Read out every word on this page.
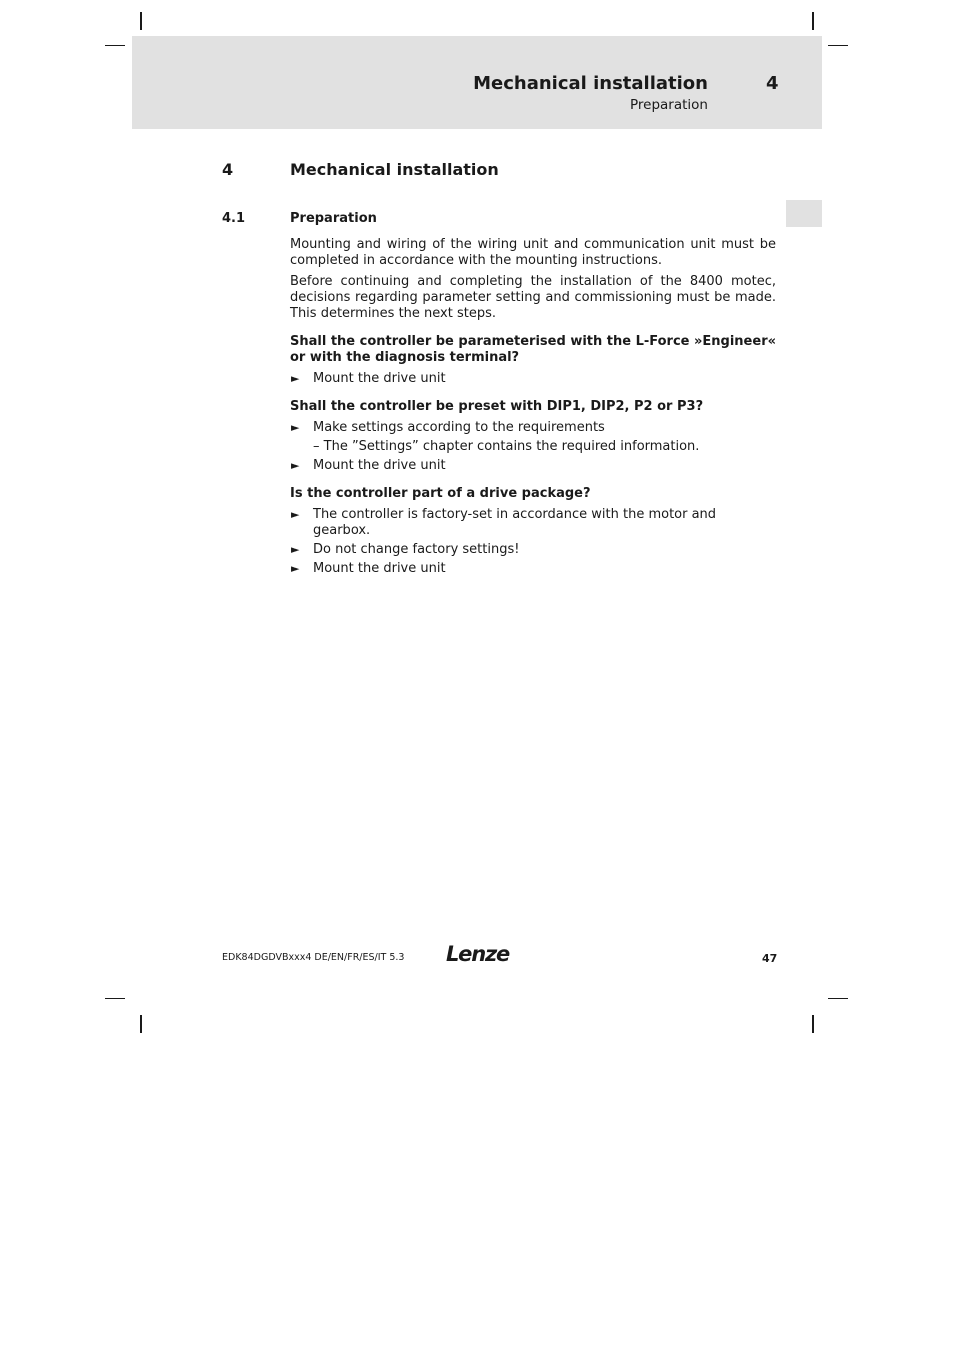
Mechanical installation	4
Preparation
4	Mechanical installation
4.1	Preparation

Mounting and wiring of the wiring unit and communication unit must be completed in accordance with the mounting instructions.

Before continuing and completing the installation of the 8400 motec, decisions regarding parameter setting and commissioning must be made. This determines the next steps.

Shall the controller be parameterised with the L-Force »Engineer« or with the diagnosis terminal?

► Mount the drive unit

Shall the controller be preset with DIP1, DIP2, P2 or P3?

► Make settings according to the requirements
– The ”Settings” chapter contains the required information.
► Mount the drive unit

Is the controller part of a drive package?

► The controller is factory-set in accordance with the motor and gearbox.
► Do not change factory settings!
► Mount the drive unit
EDK84DGDVBxxx4 DE/EN/FR/ES/IT 5.3 Lenze	47
